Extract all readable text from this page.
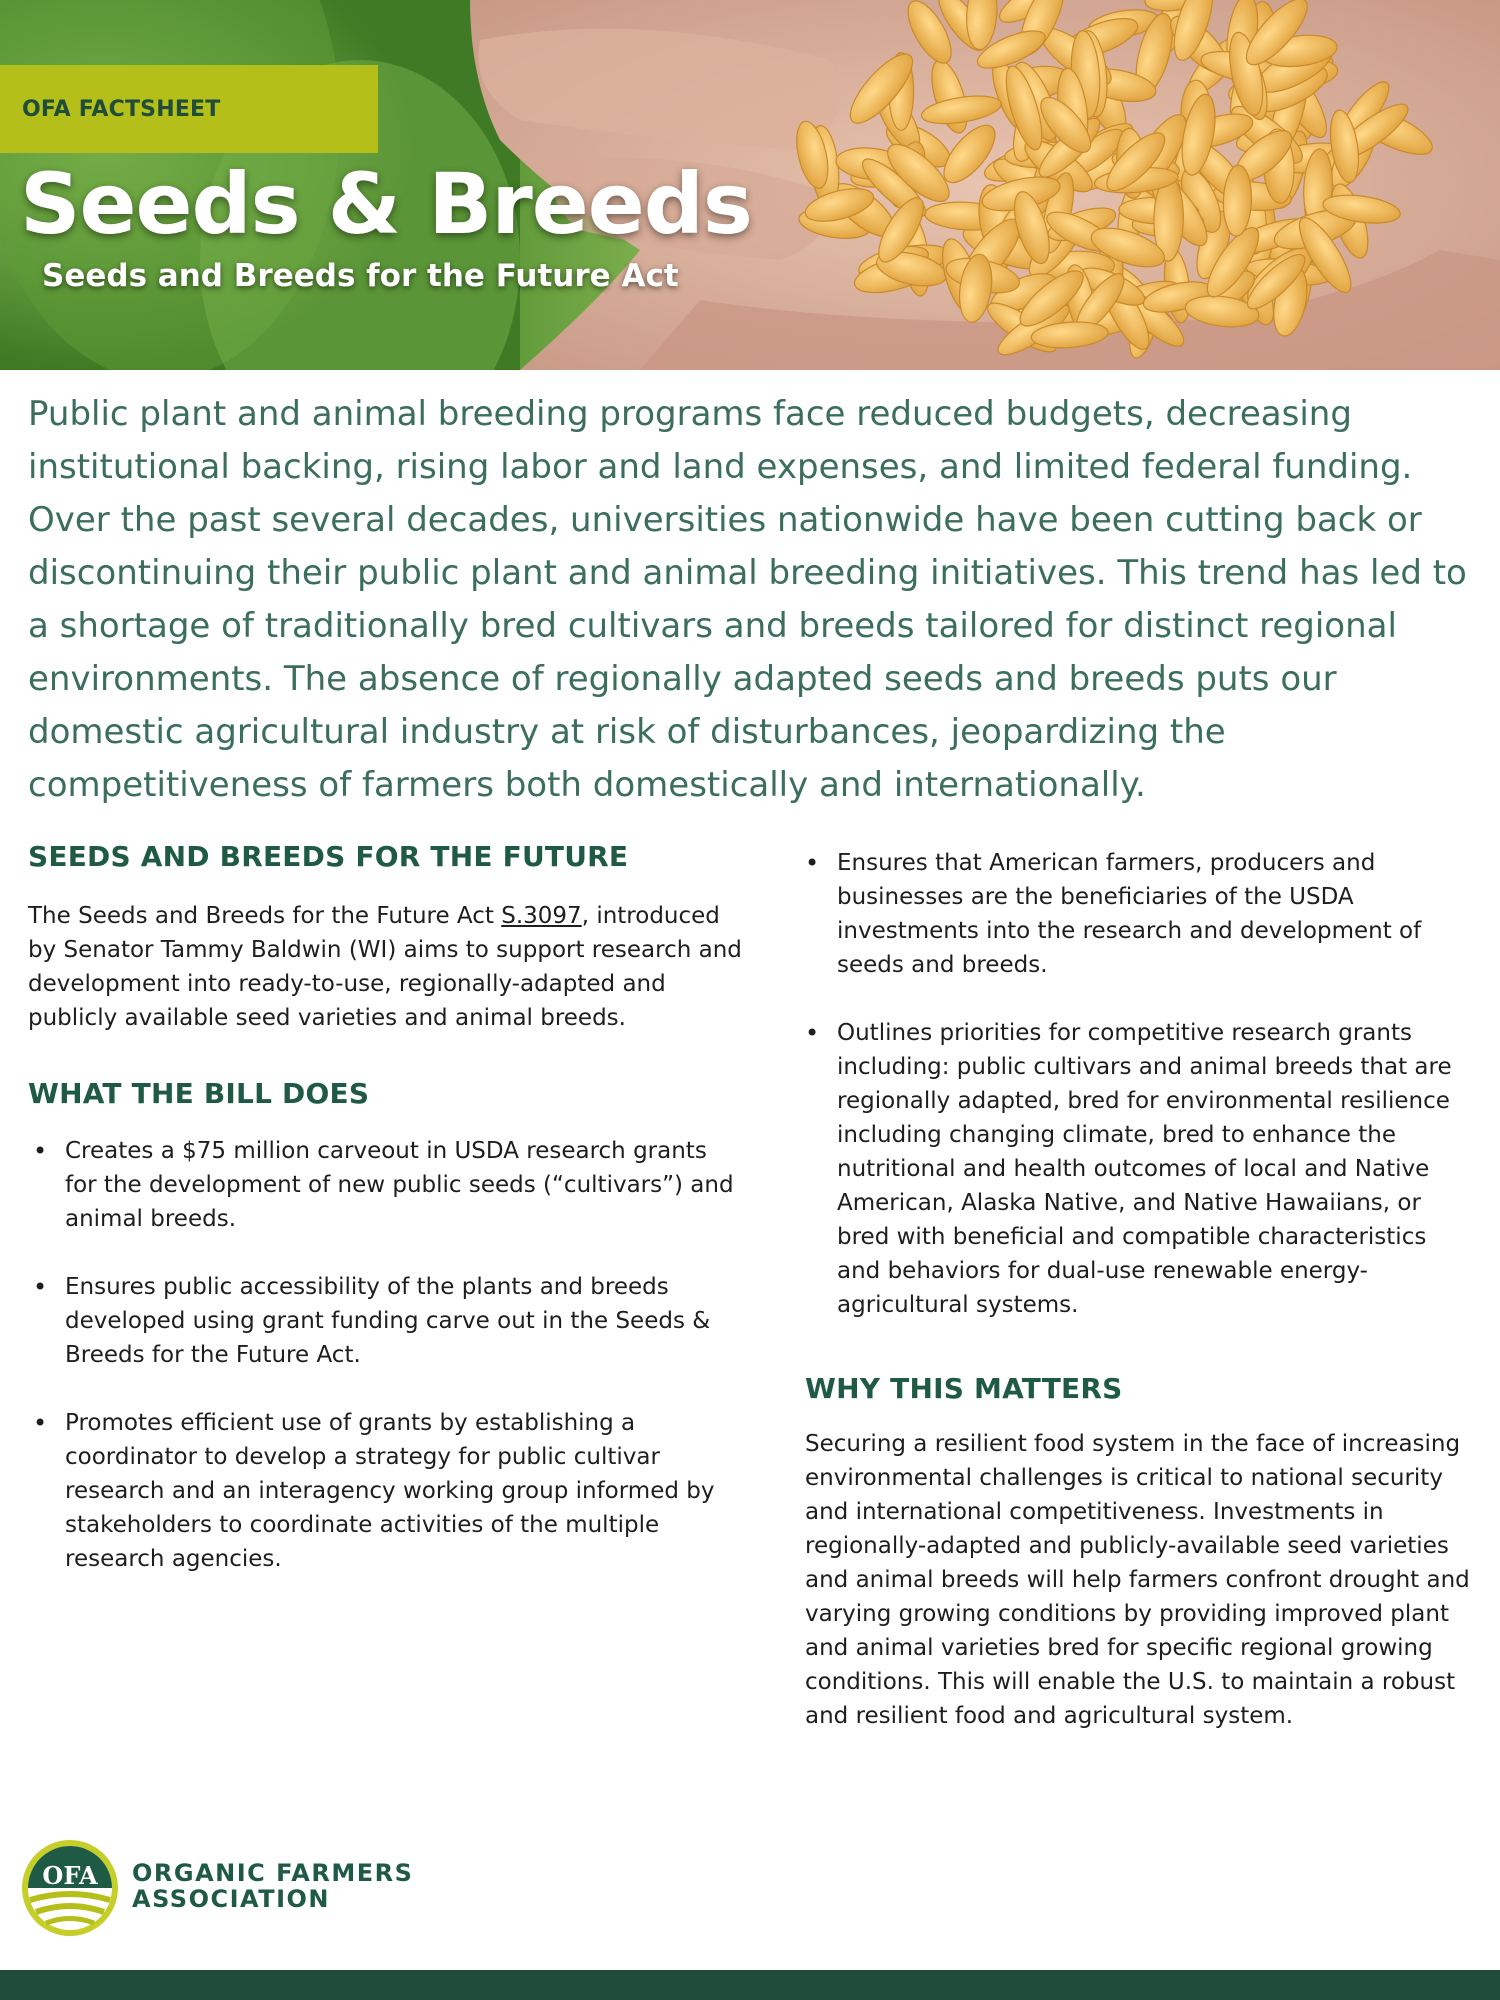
OFA FACTSHEET
Seeds & Breeds
Seeds and Breeds for the Future Act

Public plant and animal breeding programs face reduced budgets, decreasing institutional backing, rising labor and land expenses, and limited federal funding. Over the past several decades, universities nationwide have been cutting back or discontinuing their public plant and animal breeding initiatives. This trend has led to a shortage of traditionally bred cultivars and breeds tailored for distinct regional environments. The absence of regionally adapted seeds and breeds puts our domestic agricultural industry at risk of disturbances, jeopardizing the competitiveness of farmers both domestically and internationally.

SEEDS AND BREEDS FOR THE FUTURE

The Seeds and Breeds for the Future Act S.3097, introduced by Senator Tammy Baldwin (WI) aims to support research and development into ready-to-use, regionally-adapted and publicly available seed varieties and animal breeds.

WHAT THE BILL DOES
• Creates a $75 million carveout in USDA research grants for the development of new public seeds (“cultivars”) and animal breeds.
• Ensures public accessibility of the plants and breeds developed using grant funding carve out in the Seeds & Breeds for the Future Act.
• Promotes efficient use of grants by establishing a coordinator to develop a strategy for public cultivar research and an interagency working group informed by stakeholders to coordinate activities of the multiple research agencies.
• Ensures that American farmers, producers and businesses are the beneficiaries of the USDA investments into the research and development of seeds and breeds.
• Outlines priorities for competitive research grants including: public cultivars and animal breeds that are regionally adapted, bred for environmental resilience including changing climate, bred to enhance the nutritional and health outcomes of local and Native American, Alaska Native, and Native Hawaiians, or bred with beneficial and compatible characteristics and behaviors for dual-use renewable energy-agricultural systems.
WHY THIS MATTERS

Securing a resilient food system in the face of increasing environmental challenges is critical to national security and international competitiveness. Investments in regionally-adapted and publicly-available seed varieties and animal breeds will help farmers confront drought and varying growing conditions by providing improved plant and animal varieties bred for specific regional growing conditions. This will enable the U.S. to maintain a robust and resilient food and agricultural system.

OFA ORGANIC FARMERS
ASSOCIATION
